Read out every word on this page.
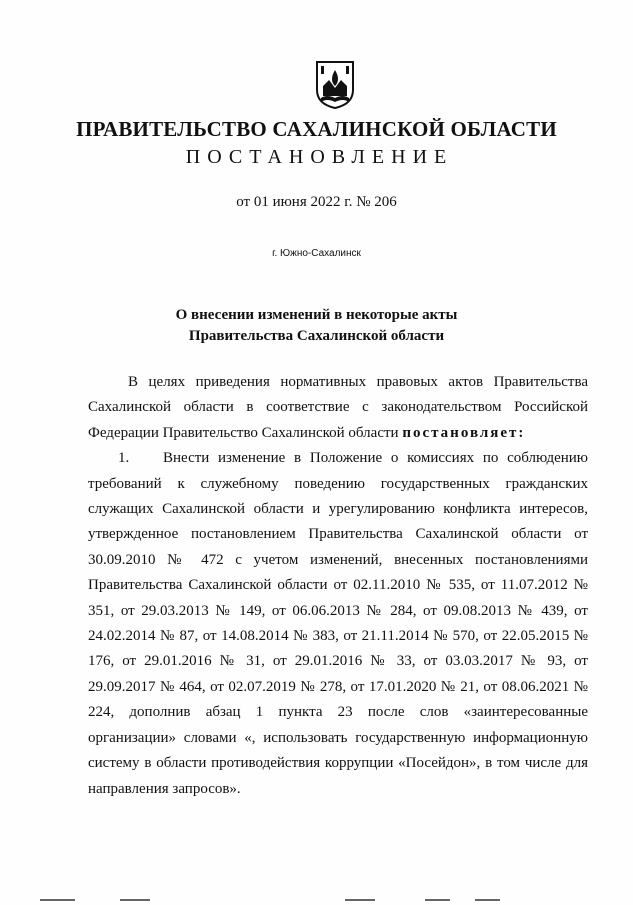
ПРАВИТЕЛЬСТВО САХАЛИНСКОЙ ОБЛАСТИ
ПОСТАНОВЛЕНИЕ
от 01 июня 2022 г. № 206
г. Южно-Сахалинск
О внесении изменений в некоторые акты
Правительства Сахалинской области

В целях приведения нормативных правовых актов Правительства Сахалинской области в соответствие с законодательством Российской Федерации Правительство Сахалинской области постановляет:

1. Внести изменение в Положение о комиссиях по соблюдению требований к служебному поведению государственных гражданских служащих Сахалинской области и урегулированию конфликта интересов, утвержденное постановлением Правительства Сахалинской области от 30.09.2010 № 472 с учетом изменений, внесенных постановлениями Правительства Сахалинской области от 02.11.2010 № 535, от 11.07.2012 № 351, от 29.03.2013 № 149, от 06.06.2013 № 284, от 09.08.2013 № 439, от 24.02.2014 № 87, от 14.08.2014 № 383, от 21.11.2014 № 570, от 22.05.2015 № 176, от 29.01.2016 № 31, от 29.01.2016 № 33, от 03.03.2017 № 93, от 29.09.2017 № 464, от 02.07.2019 № 278, от 17.01.2020 № 21, от 08.06.2021 № 224, дополнив абзац 1 пункта 23 после слов «заинтересованные организации» словами «, использовать государственную информационную систему в области противодействия коррупции «Посейдон», в том числе для направления запросов».
